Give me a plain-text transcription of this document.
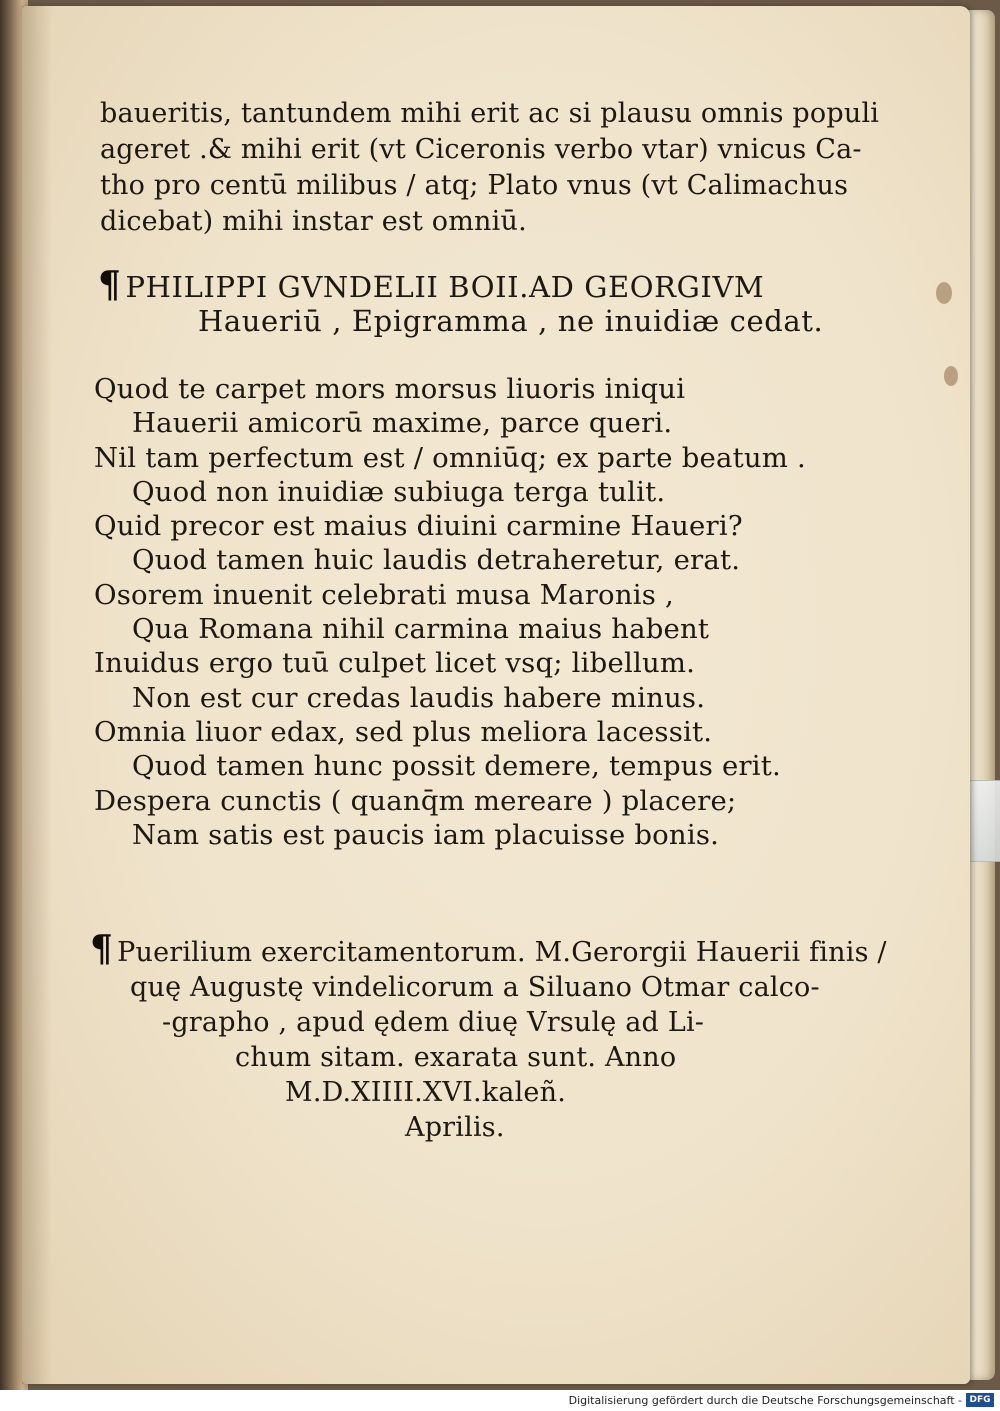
baueritis, tantundem mihi erit ac si plausu omnis populi
ageret .& mihi erit (vt Ciceronis verbo vtar) vnicus Ca-
tho pro centū milibus / atq; Plato vnus (vt Calimachus
dicebat) mihi instar est omniū.
¶ PHILIPPI GVNDELII BOII.AD GEORGIVM
Haueriū , Epigramma , ne inuidiæ cedat.
Quod te carpet mors morsus liuoris iniqui
Hauerii amicorū maxime, parce queri.
Nil tam perfectum est / omniūq; ex parte beatum .
Quod non inuidiæ subiuga terga tulit.
Quid precor est maius diuini carmine Haueri?
Quod tamen huic laudis detraheretur, erat.
Osorem inuenit celebrati musa Maronis ,
Qua Romana nihil carmina maius habent
Inuidus ergo tuū culpet licet vsq; libellum.
Non est cur credas laudis habere minus.
Omnia liuor edax, sed plus meliora lacessit.
Quod tamen hunc possit demere, tempus erit.
Despera cunctis ( quanq̄m mereare ) placere;
Nam satis est paucis iam placuisse bonis.
¶ Puerilium exercitamentorum. M.Gerorgii Hauerii finis /
quę Augustę vindelicorum a Siluano Otmar calco-
-grapho , apud ędem diuę Vrsulę ad Li-
chum sitam. exarata sunt. Anno
M.D.XIIII.XVI.kaleñ.
Aprilis.
Digitalisierung gefördert durch die Deutsche Forschungsgemeinschaft - DFG
